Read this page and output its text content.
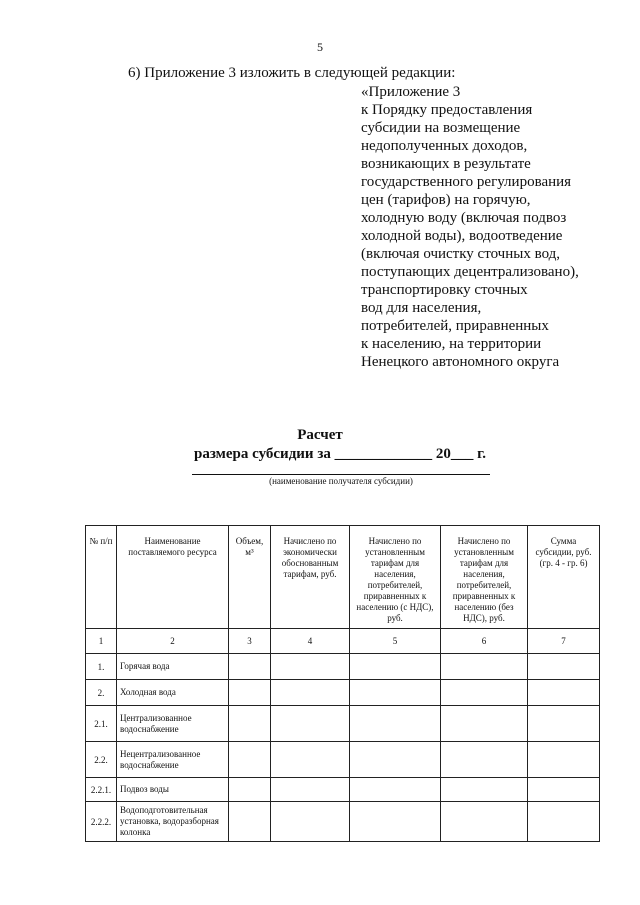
5
6) Приложение 3 изложить в следующей редакции:
«Приложение 3
к Порядку предоставления
субсидии на возмещение
недополученных доходов,
возникающих в результате
государственного регулирования
цен (тарифов) на горячую,
холодную воду (включая подвоз
холодной воды), водоотведение
(включая очистку сточных вод,
поступающих децентрализовано),
транспортировку сточных
вод для населения,
потребителей, приравненных
к населению, на территории
Ненецкого автономного округа
Расчет
размера субсидии за _____________ 20___ г.
(наименование получателя субсидии)
№ п/п	Наименование поставляемого ресурса	Объем, м³	Начислено по экономически обоснованным тарифам, руб.	Начислено по установленным тарифам для населения, потребителей, приравненных к населению (с НДС), руб.	Начислено по установленным тарифам для населения, потребителей, приравненных к населению (без НДС), руб.	Сумма субсидии, руб. (гр. 4 - гр. 6)
1	2	3	4	5	6	7
1.	Горячая вода					
2.	Холодная вода					
2.1.	Централизованное водоснабжение					
2.2.	Нецентрализованное водоснабжение					
2.2.1.	Подвоз воды					
2.2.2.	Водоподготовительная установка, водоразборная колонка					
